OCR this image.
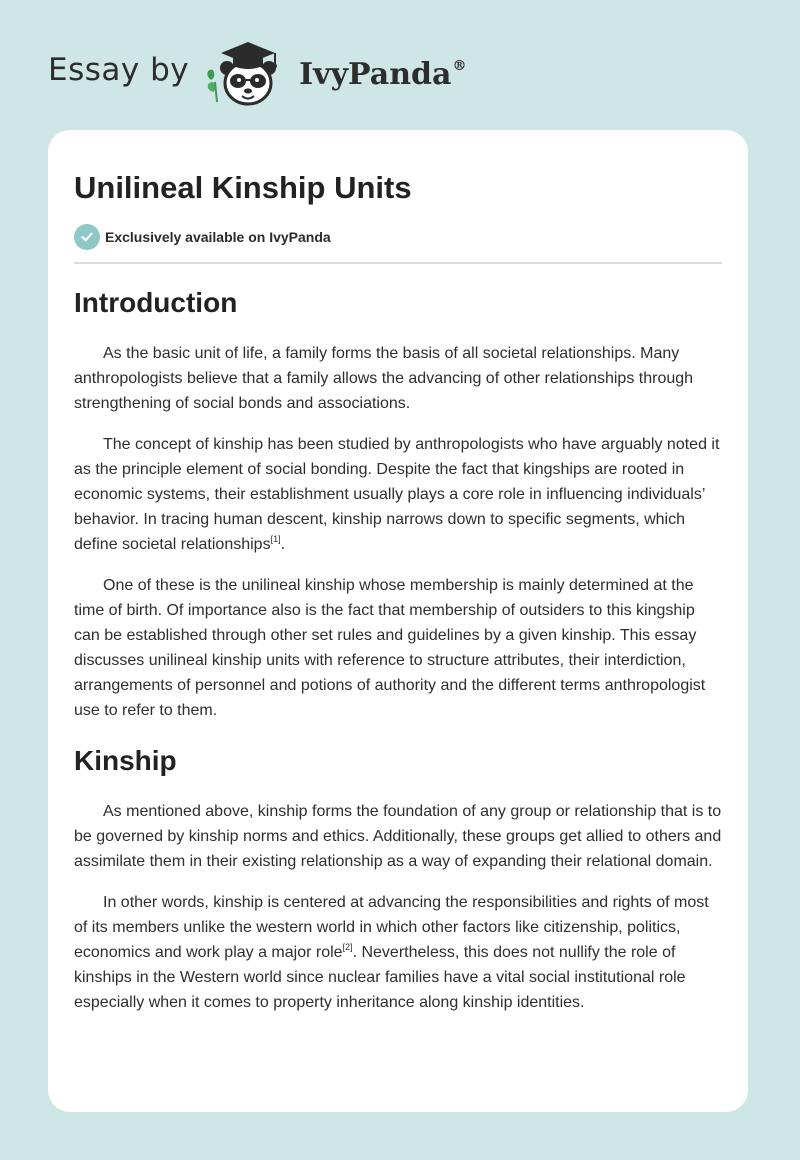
Essay by	IvyPanda®
Unilineal Kinship Units
Exclusively available on IvyPanda
Introduction

As the basic unit of life, a family forms the basis of all societal relationships. Many anthropologists believe that a family allows the advancing of other relationships through strengthening of social bonds and associations.

The concept of kinship has been studied by anthropologists who have arguably noted it as the principle element of social bonding. Despite the fact that kingships are rooted in economic systems, their establishment usually plays a core role in influencing individuals’ behavior. In tracing human descent, kinship narrows down to specific segments, which define societal relationships[1].

One of these is the unilineal kinship whose membership is mainly determined at the time of birth. Of importance also is the fact that membership of outsiders to this kingship can be established through other set rules and guidelines by a given kinship. This essay discusses unilineal kinship units with reference to structure attributes, their interdiction, arrangements of personnel and potions of authority and the different terms anthropologist use to refer to them.

Kinship

As mentioned above, kinship forms the foundation of any group or relationship that is to be governed by kinship norms and ethics. Additionally, these groups get allied to others and assimilate them in their existing relationship as a way of expanding their relational domain.

In other words, kinship is centered at advancing the responsibilities and rights of most of its members unlike the western world in which other factors like citizenship, politics, economics and work play a major role[2]. Nevertheless, this does not nullify the role of kinships in the Western world since nuclear families have a vital social institutional role especially when it comes to property inheritance along kinship identities.
